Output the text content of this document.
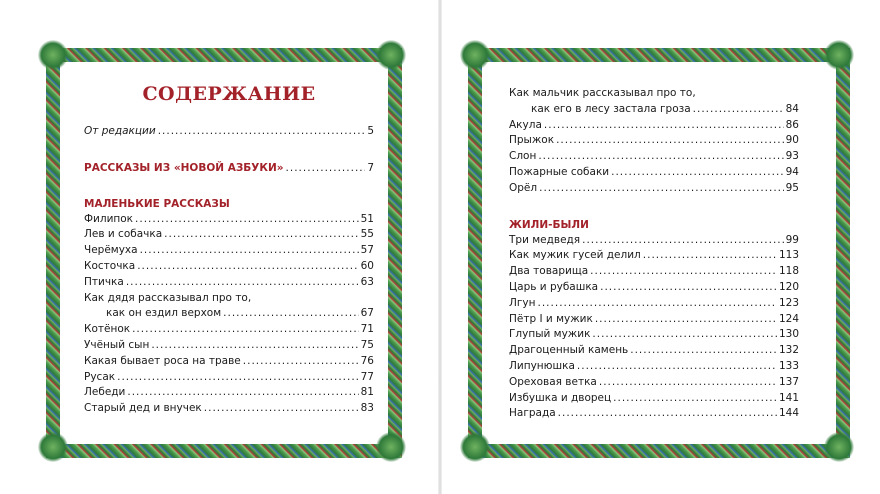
СОДЕРЖАНИЕ
От редакции .....	5
РАССКАЗЫ ИЗ «НОВОЙ АЗБУКИ» .....	7
МАЛЕНЬКИЕ РАССКАЗЫ
Филипок .....	51
Лев и собачка .....	55
Черёмуха .....	57
Косточка .....	60
Птичка .....	63
Как дядя рассказывал про то,
как он ездил верхом .....	67
Котёнок .....	71
Учёный сын .....	75
Какая бывает роса на траве .....	76
Русак .....	77
Лебеди .....	81
Старый дед и внучек .....	83
Как мальчик рассказывал про то,
как его в лесу застала гроза .....	84
Акула .....	86
Прыжок .....	90
Слон .....	93
Пожарные собаки .....	94
Орёл .....	95
ЖИЛИ-БЫЛИ
Три медведя .....	99
Как мужик гусей делил .....	113
Два товарища .....	118
Царь и рубашка .....	120
Лгун .....	123
Пётр I и мужик .....	124
Глупый мужик .....	130
Драгоценный камень .....	132
Липунюшка .....	133
Ореховая ветка .....	137
Избушка и дворец .....	141
Награда .....	144
